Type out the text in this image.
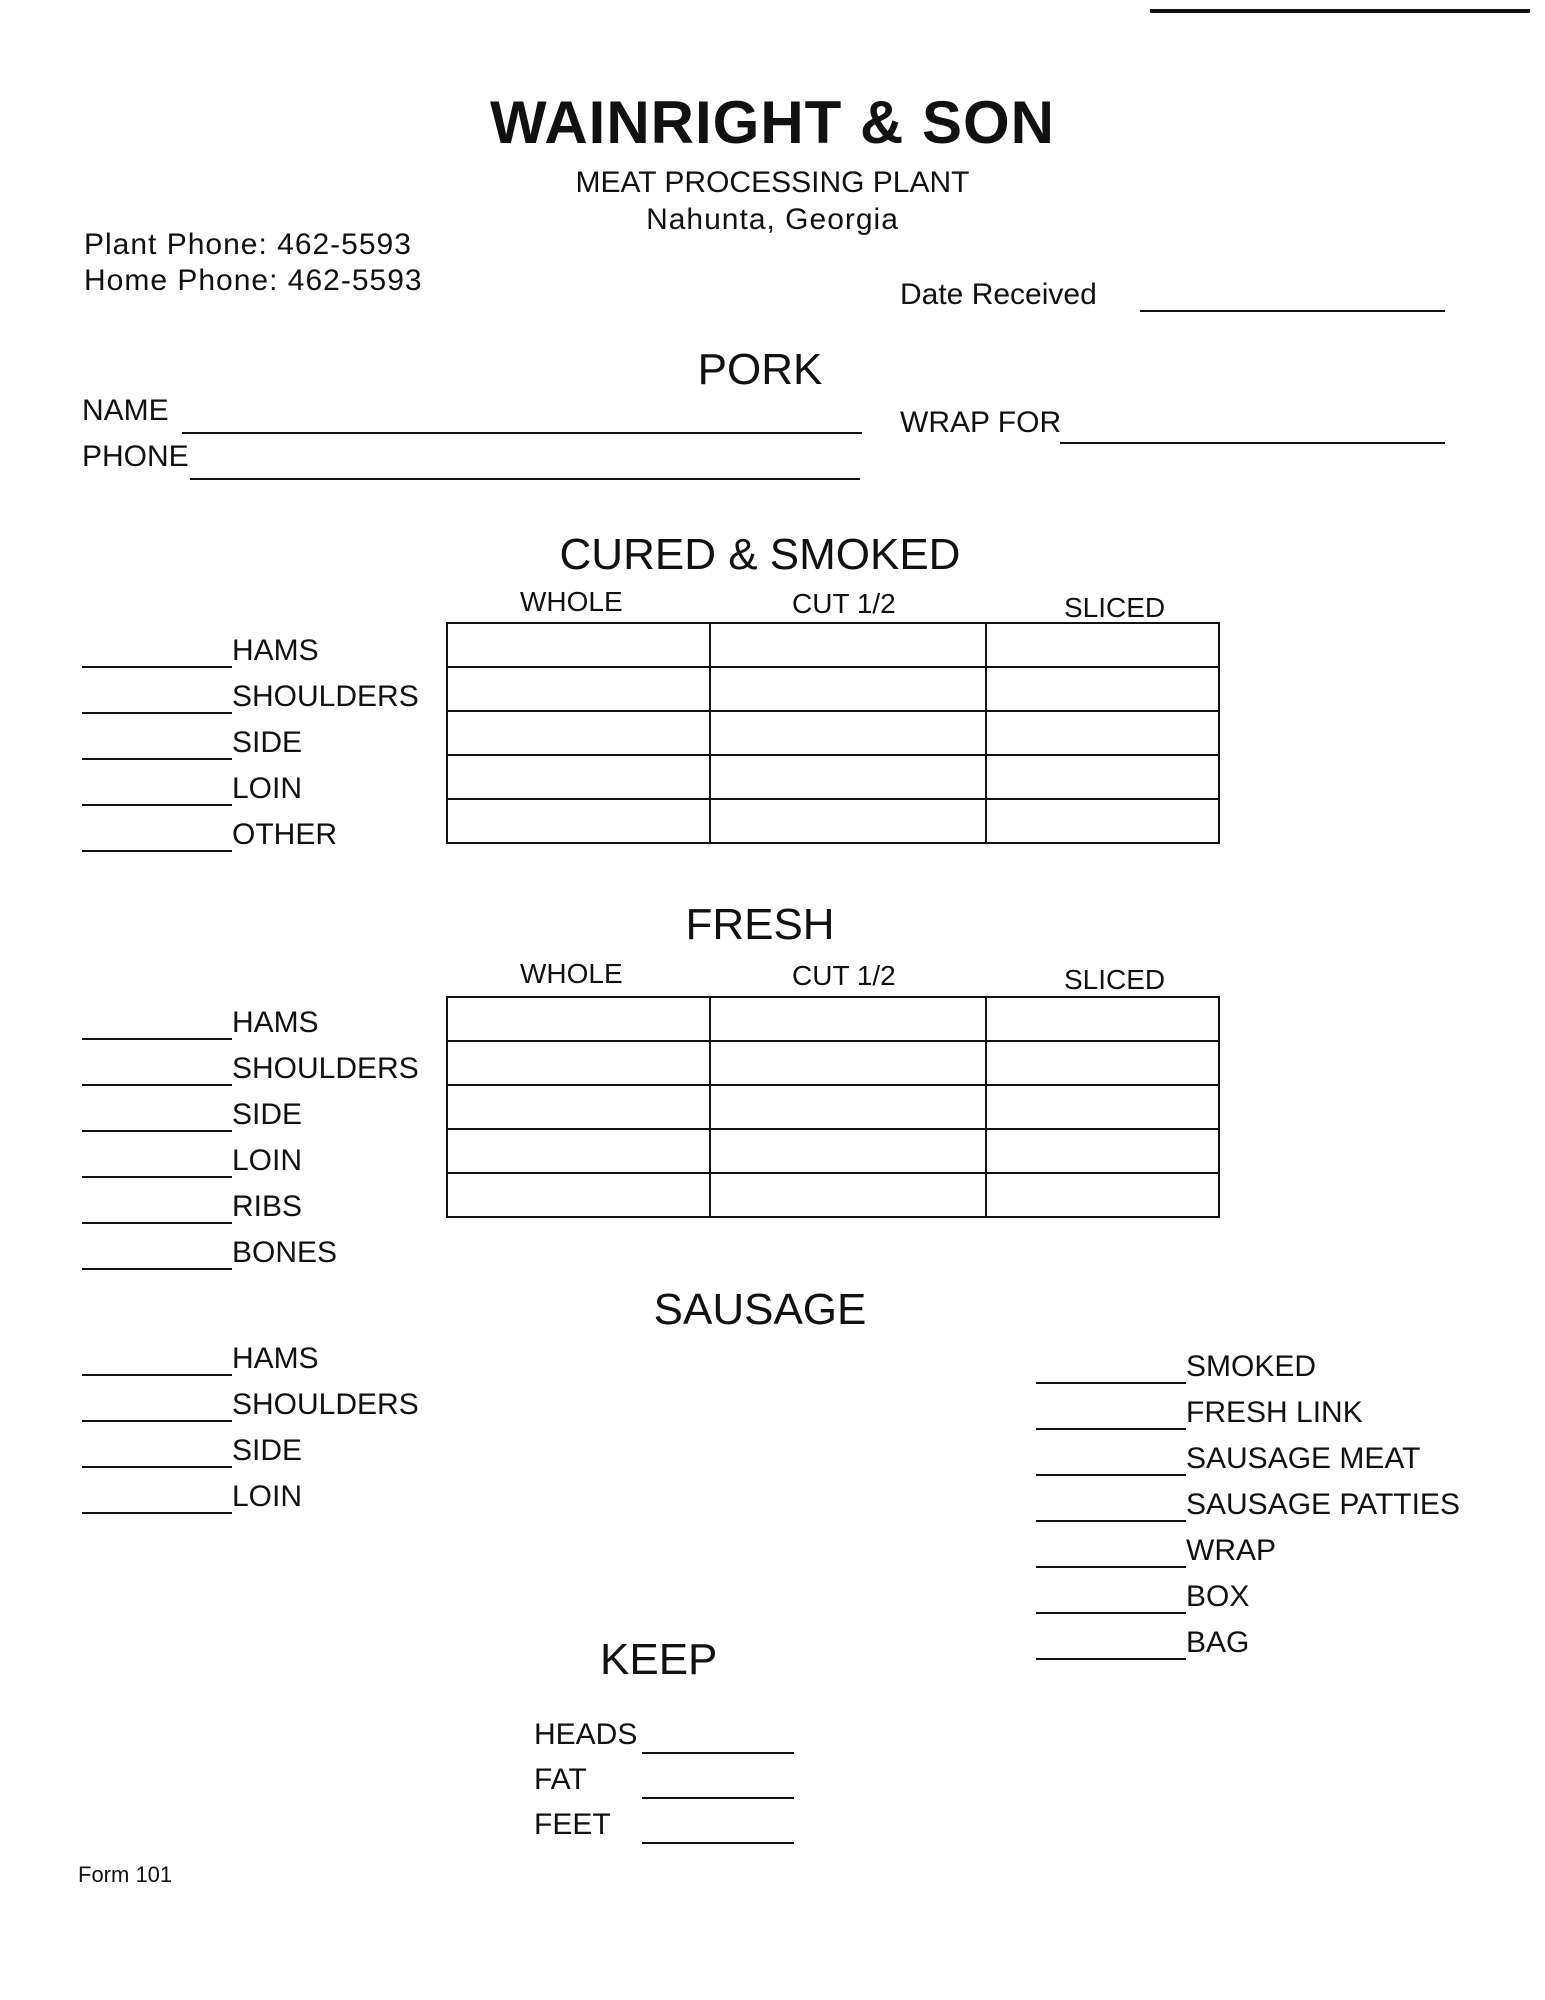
WAINRIGHT & SON
MEAT PROCESSING PLANT
Nahunta, Georgia
Plant Phone: 462-5593
Home Phone: 462-5593	Date Received
PORK
NAME
PHONE
WRAP FOR
CURED & SMOKED
WHOLE	CUT 1/2	SLICED

HAMS
SHOULDERS
SIDE
LOIN
OTHER
FRESH
WHOLE	CUT 1/2	SLICED

HAMS
SHOULDERS
SIDE
LOIN
RIBS
BONES
SAUSAGE
HAMS
SHOULDERS
SIDE
LOIN
SMOKED
FRESH LINK
SAUSAGE MEAT
SAUSAGE PATTIES
WRAP
BOX
BAG
KEEP
HEADS
FAT
FEET
Form 101
